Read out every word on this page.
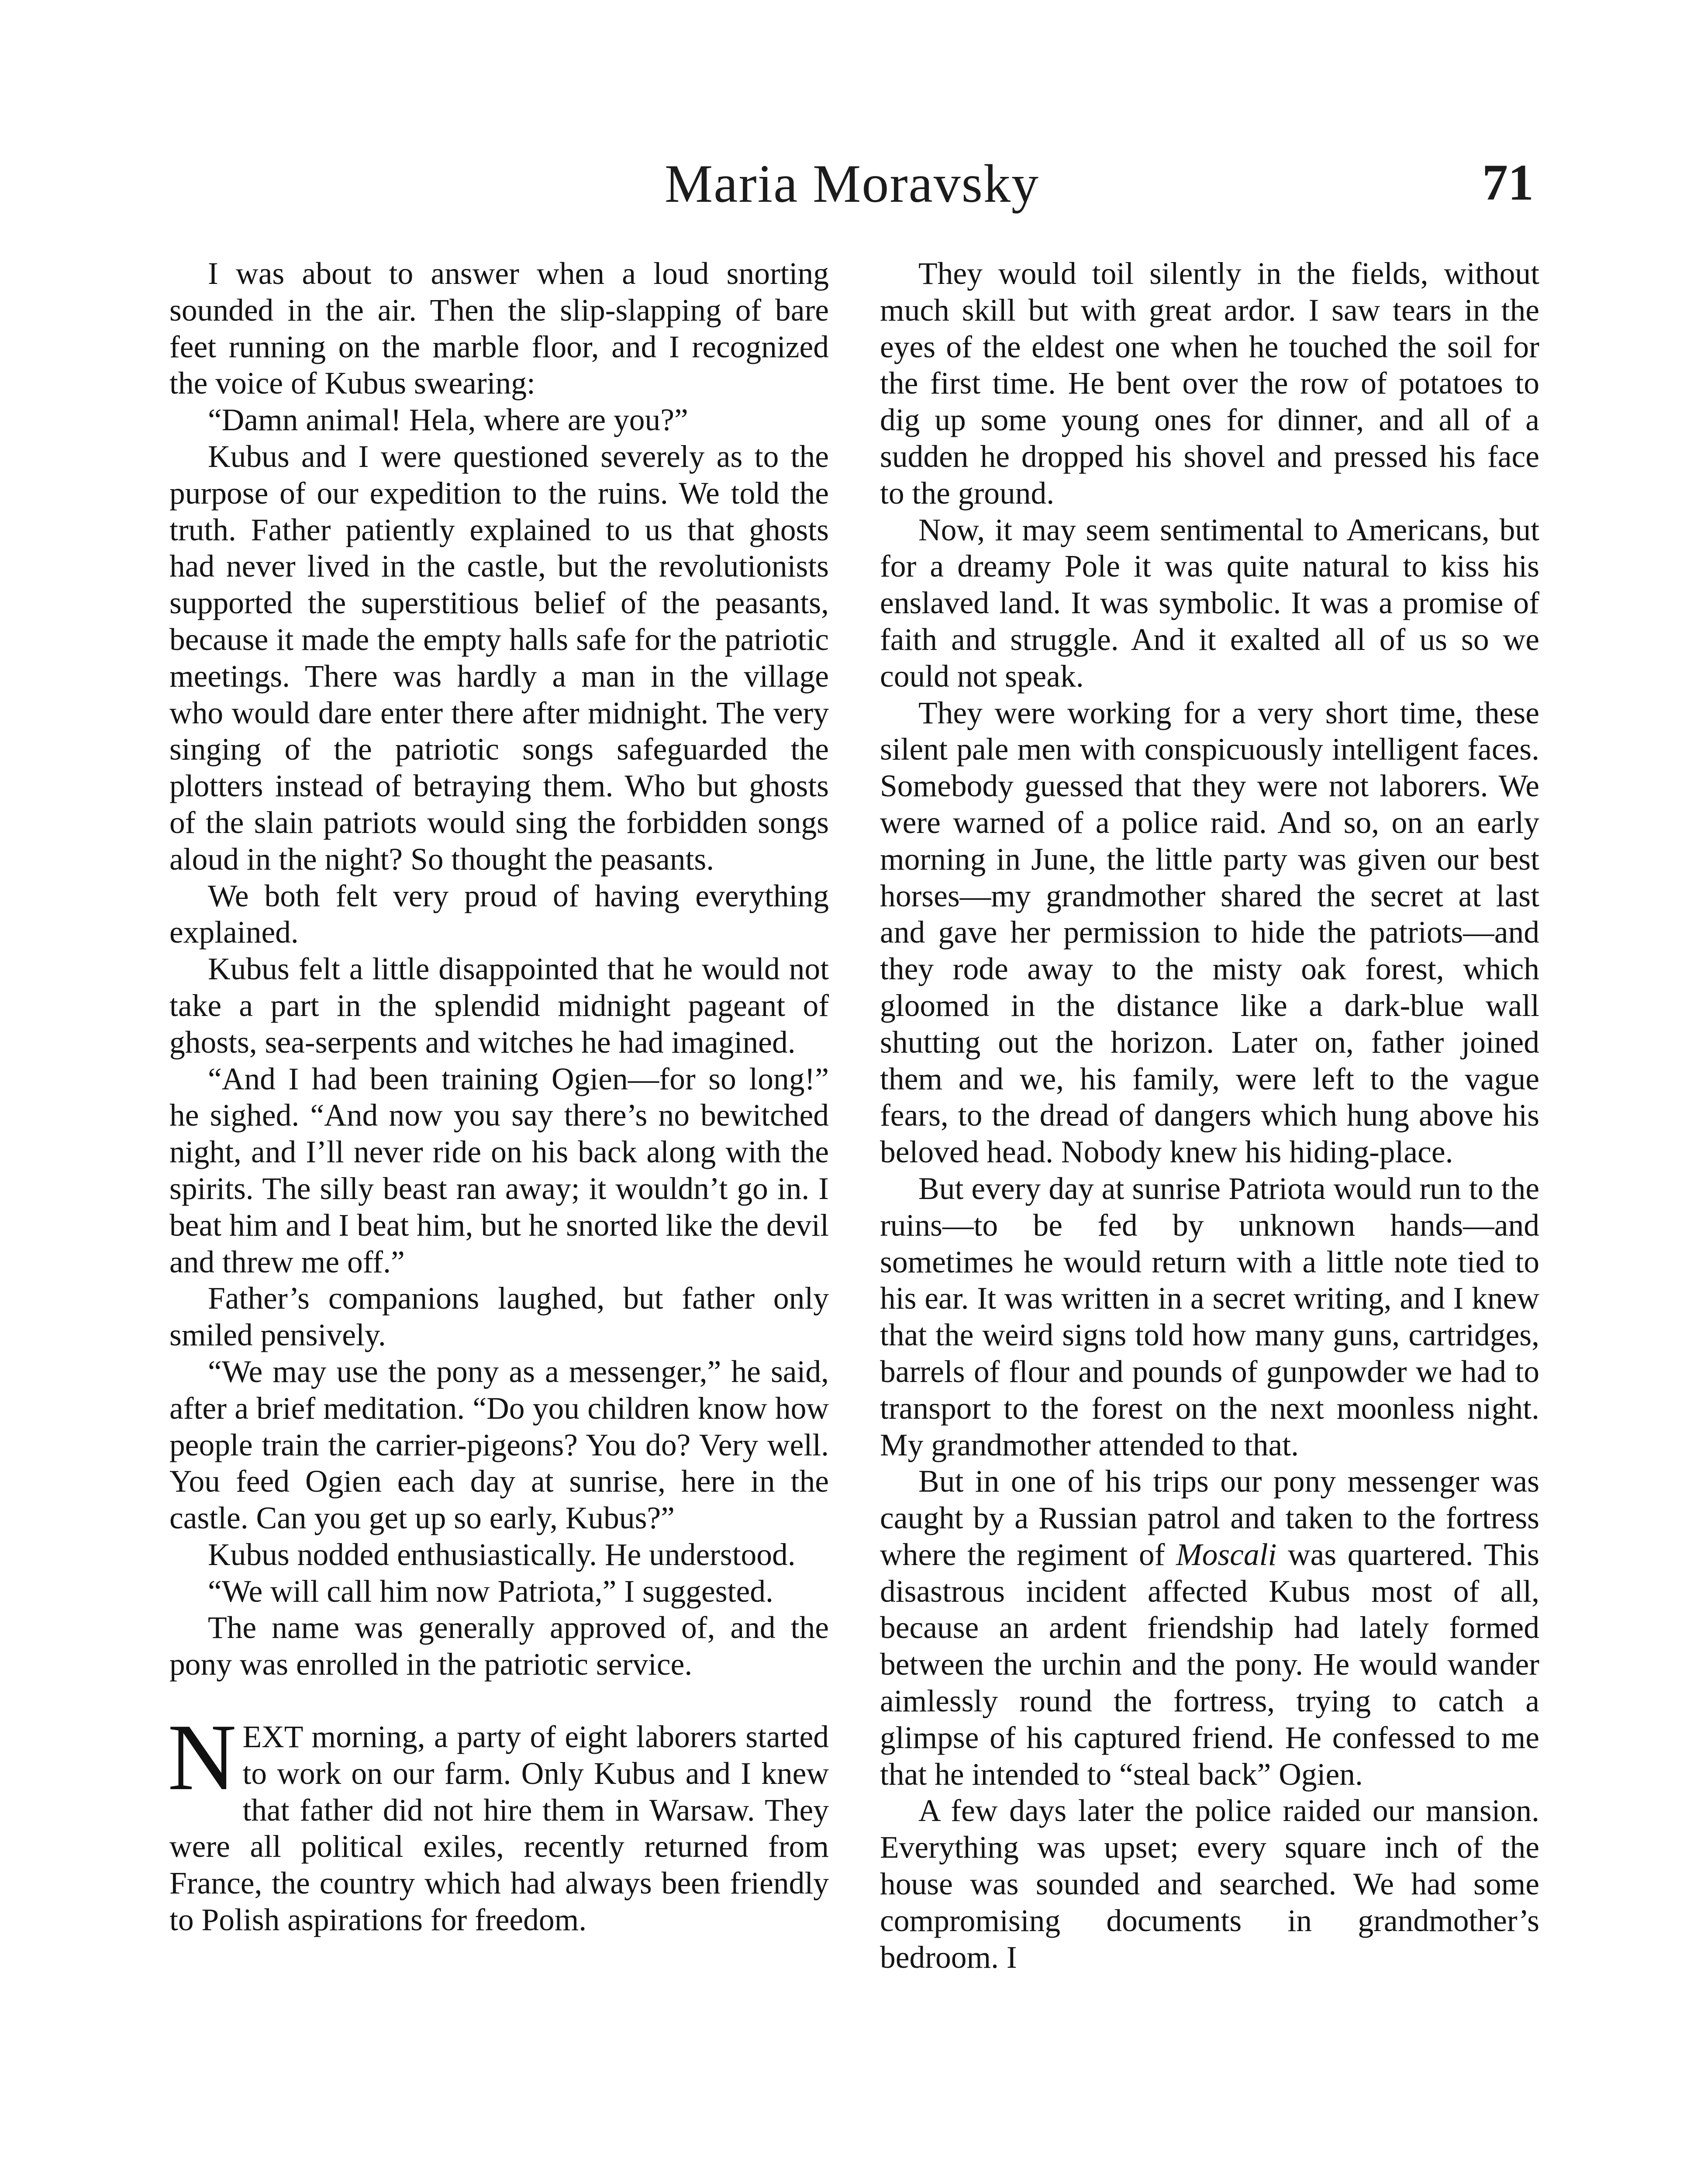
Maria Moravsky	71

I was about to answer when a loud snorting sounded in the air. Then the slip-slapping of bare feet running on the marble floor, and I recognized the voice of Kubus swearing:

“Damn animal! Hela, where are you?”

Kubus and I were questioned severely as to the purpose of our expedition to the ruins. We told the truth. Father patiently explained to us that ghosts had never lived in the castle, but the revolutionists supported the superstitious belief of the peasants, because it made the empty halls safe for the patriotic meetings. There was hardly a man in the village who would dare enter there after midnight. The very singing of the patriotic songs safeguarded the plotters instead of betraying them. Who but ghosts of the slain patriots would sing the forbidden songs aloud in the night? So thought the peasants.

We both felt very proud of having everything explained.

Kubus felt a little disappointed that he would not take a part in the splendid midnight pageant of ghosts, sea-serpents and witches he had imagined.

“And I had been training Ogien—for so long!” he sighed. “And now you say there’s no bewitched night, and I’ll never ride on his back along with the spirits. The silly beast ran away; it wouldn’t go in. I beat him and I beat him, but he snorted like the devil and threw me off.”

Father’s companions laughed, but father only smiled pensively.

“We may use the pony as a messenger,” he said, after a brief meditation. “Do you children know how people train the carrier-pigeons? You do? Very well. You feed Ogien each day at sunrise, here in the castle. Can you get up so early, Kubus?”

Kubus nodded enthusiastically. He understood.

“We will call him now Patriota,” I suggested.

The name was generally approved of, and the pony was enrolled in the patriotic service.

NEXT morning, a party of eight laborers started to work on our farm. Only Kubus and I knew that father did not hire them in Warsaw. They were all political exiles, recently returned from France, the country which had always been friendly to Polish aspirations for freedom.

They would toil silently in the fields, without much skill but with great ardor. I saw tears in the eyes of the eldest one when he touched the soil for the first time. He bent over the row of potatoes to dig up some young ones for dinner, and all of a sudden he dropped his shovel and pressed his face to the ground.

Now, it may seem sentimental to Americans, but for a dreamy Pole it was quite natural to kiss his enslaved land. It was symbolic. It was a promise of faith and struggle. And it exalted all of us so we could not speak.

They were working for a very short time, these silent pale men with conspicuously intelligent faces. Somebody guessed that they were not laborers. We were warned of a police raid. And so, on an early morning in June, the little party was given our best horses—my grandmother shared the secret at last and gave her permission to hide the patriots—and they rode away to the misty oak forest, which gloomed in the distance like a dark-blue wall shutting out the horizon. Later on, father joined them and we, his family, were left to the vague fears, to the dread of dangers which hung above his beloved head. Nobody knew his hiding-place.

But every day at sunrise Patriota would run to the ruins—to be fed by unknown hands—and sometimes he would return with a little note tied to his ear. It was written in a secret writing, and I knew that the weird signs told how many guns, cartridges, barrels of flour and pounds of gunpowder we had to transport to the forest on the next moonless night. My grandmother attended to that.

But in one of his trips our pony messenger was caught by a Russian patrol and taken to the fortress where the regiment of Moscali was quartered. This disastrous incident affected Kubus most of all, because an ardent friendship had lately formed between the urchin and the pony. He would wander aimlessly round the fortress, trying to catch a glimpse of his captured friend. He confessed to me that he intended to “steal back” Ogien.

A few days later the police raided our mansion. Everything was upset; every square inch of the house was sounded and searched. We had some compromising documents in grandmother’s bedroom. I
